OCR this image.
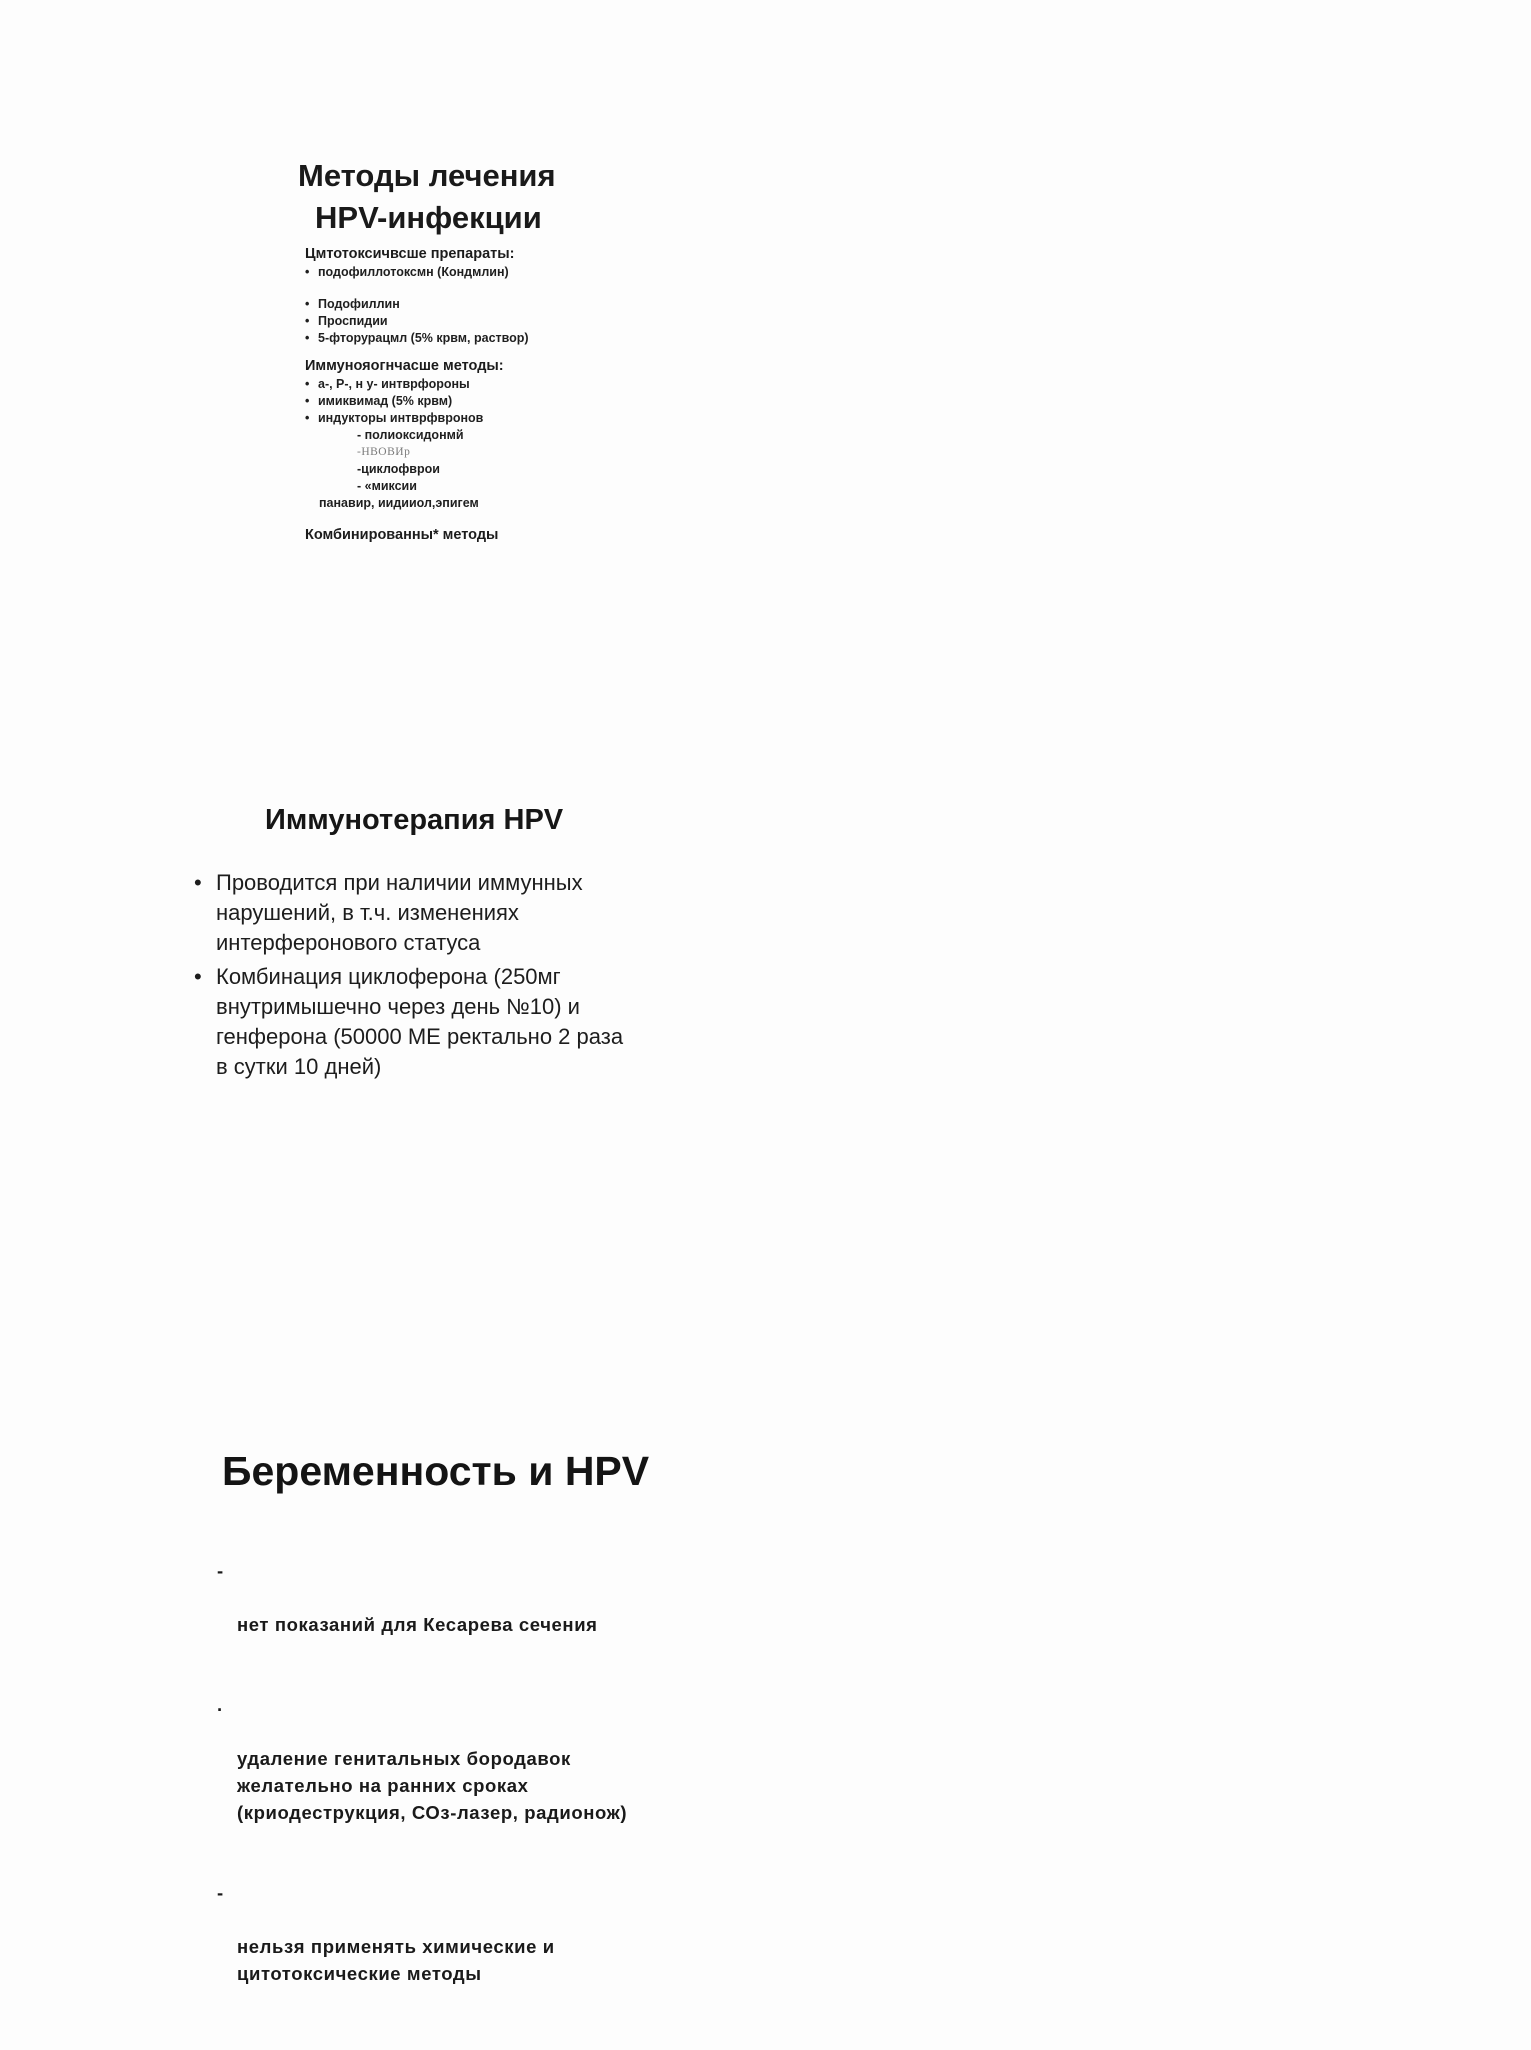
Методы лечения
HPV-инфекции
Цмтотоксичвсше препараты:
• подофиллотоксмн (Кондмлин)
• Подофиллин
• Проспидии
• 5-фторурацмл (5% крвм, раствор)
Иммунояогнчасше методы:
• а-, Р-, н у- интврфороны
• имиквимад (5% крвм)
• индукторы интврфвронов
- полиоксидонмй
-НВОВИр
-циклофврои
- «миксии
панавир, иидииол,эпигем
Комбинированны* методы
Иммунотерапия HPV
• Проводится при наличии иммунных
нарушений, в т.ч. изменениях
интерферонового статуса
• Комбинация циклоферона (250мг
внутримышечно через день №10) и
генферона (50000 МЕ ректально 2 раза
в сутки 10 дней)
Беременность и HPV

-

нет показаний для Кесарева сечения

.

удаление генитальных бородавок
желательно на ранних сроках
(криодеструкция, СОз-лазер, радионож)

-

нельзя применять химические и
цитотоксические методы
